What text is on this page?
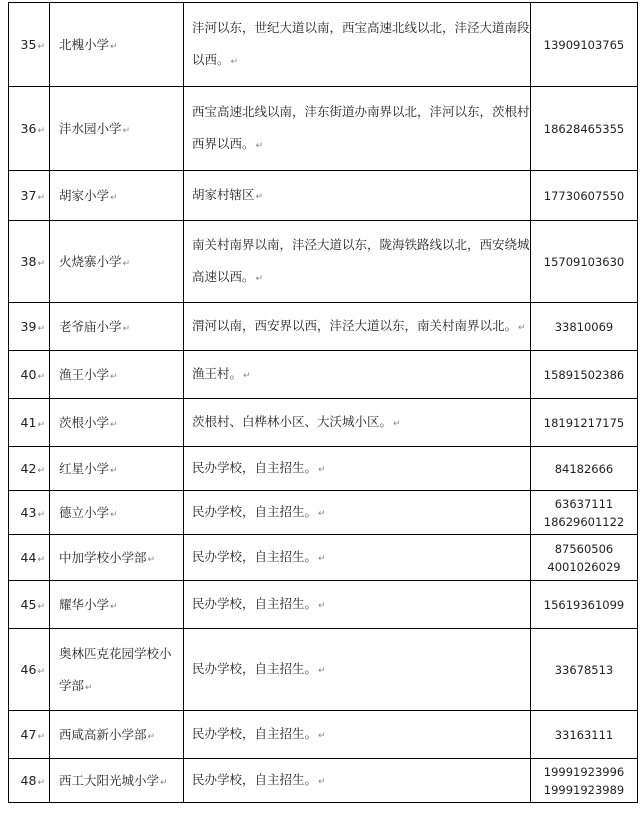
35↵	北槐小学↵	沣河以东，世纪大道以南，西宝高速北线以北，沣泾大道南段以西。↵	13909103765

36↵	沣水园小学↵	西宝高速北线以南，沣东街道办南界以北，沣河以东，茨根村西界以西。↵	18628465355

37↵	胡家小学↵	胡家村辖区↵	17730607550

38↵	火烧寨小学↵	南关村南界以南，沣泾大道以东，陇海铁路线以北，西安绕城高速以西。↵	15709103630

39↵	老爷庙小学↵	渭河以南，西安界以西，沣泾大道以东，南关村南界以北。↵	33810069

40↵	渔王小学↵	渔王村。↵	15891502386

41↵	茨根小学↵	茨根村、白桦林小区、大沃城小区。↵	18191217175

42↵	红星小学↵	民办学校，自主招生。↵	84182666

43↵	德立小学↵	民办学校，自主招生。↵	63637111
18629601122

44↵	中加学校小学部↵	民办学校，自主招生。↵	87560506
4001026029

45↵	耀华小学↵	民办学校，自主招生。↵	15619361099

46↵	奥林匹克花园学校小学部↵	民办学校，自主招生。↵	33678513

47↵	西咸高新小学部↵	民办学校，自主招生。↵	33163111

48↵	西工大阳光城小学↵	民办学校，自主招生。↵	19991923996
19991923989
